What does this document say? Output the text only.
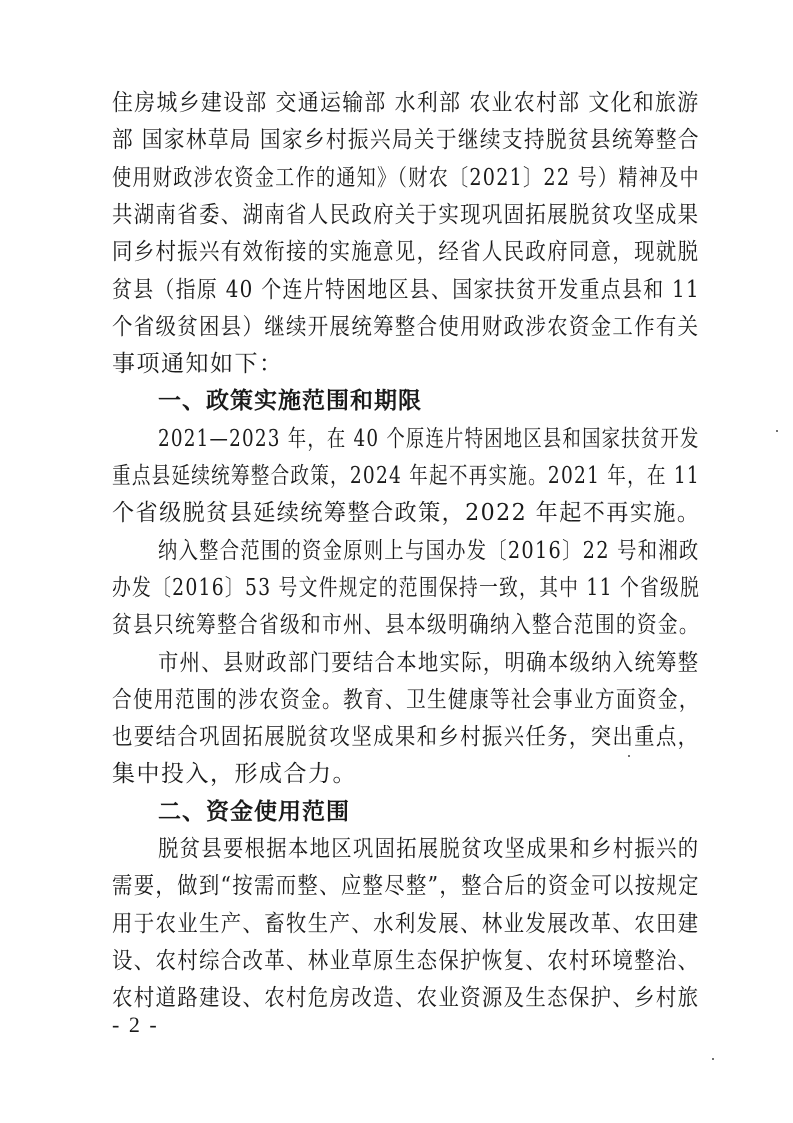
住房城乡建设部 交通运输部 水利部 农业农村部 文化和旅游
部 国家林草局 国家乡村振兴局关于继续支持脱贫县统筹整合
使用财政涉农资金工作的通知》（财农〔2021〕22 号）精神及中
共湖南省委、湖南省人民政府关于实现巩固拓展脱贫攻坚成果
同乡村振兴有效衔接的实施意见，经省人民政府同意，现就脱
贫县（指原 40 个连片特困地区县、国家扶贫开发重点县和 11
个省级贫困县）继续开展统筹整合使用财政涉农资金工作有关
事项通知如下：
一、政策实施范围和期限
2021—2023 年，在 40 个原连片特困地区县和国家扶贫开发
重点县延续统筹整合政策，2024 年起不再实施。2021 年，在 11
个省级脱贫县延续统筹整合政策，2022 年起不再实施。
纳入整合范围的资金原则上与国办发〔2016〕22 号和湘政
办发〔2016〕53 号文件规定的范围保持一致，其中 11 个省级脱
贫县只统筹整合省级和市州、县本级明确纳入整合范围的资金。
市州、县财政部门要结合本地实际，明确本级纳入统筹整
合使用范围的涉农资金。教育、卫生健康等社会事业方面资金，
也要结合巩固拓展脱贫攻坚成果和乡村振兴任务，突出重点，
集中投入，形成合力。
二、资金使用范围
脱贫县要根据本地区巩固拓展脱贫攻坚成果和乡村振兴的
需要，做到“按需而整、应整尽整”，整合后的资金可以按规定
用于农业生产、畜牧生产、水利发展、林业发展改革、农田建
设、农村综合改革、林业草原生态保护恢复、农村环境整治、
农村道路建设、农村危房改造、农业资源及生态保护、乡村旅
- 2 -
